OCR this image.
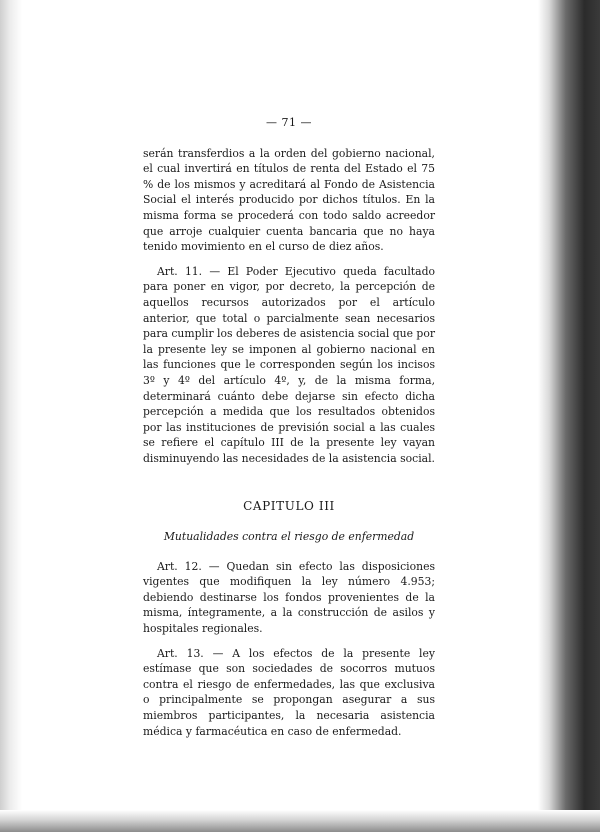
— 71 —

serán transferdios a la orden del gobierno nacional, el cual invertirá en títulos de renta del Estado el 75 % de los mismos y acreditará al Fondo de Asistencia Social el interés producido por dichos títulos. En la misma forma se procederá con todo saldo acreedor que arroje cualquier cuenta bancaria que no haya tenido movimiento en el curso de diez años.

Art. 11. — El Poder Ejecutivo queda facultado para poner en vigor, por decreto, la percepción de aquellos recursos autorizados por el artículo anterior, que total o parcialmente sean necesarios para cumplir los deberes de asistencia social que por la presente ley se imponen al gobierno nacional en las funciones que le corresponden según los incisos 3º y 4º del artículo 4º, y, de la misma forma, determinará cuánto debe dejarse sin efecto dicha percepción a medida que los resultados obtenidos por las instituciones de previsión social a las cuales se refiere el capítulo III de la presente ley vayan disminuyendo las necesidades de la asistencia social.

CAPITULO III

Mutualidades contra el riesgo de enfermedad

Art. 12. — Quedan sin efecto las disposiciones vigentes que modifiquen la ley número 4.953; debiendo destinarse los fondos provenientes de la misma, íntegramente, a la construcción de asilos y hospitales regionales.

Art. 13. — A los efectos de la presente ley estímase que son sociedades de socorros mutuos contra el riesgo de enfermedades, las que exclusiva o principalmente se propongan asegurar a sus miembros participantes, la necesaria asistencia médica y farmacéutica en caso de enfermedad.
